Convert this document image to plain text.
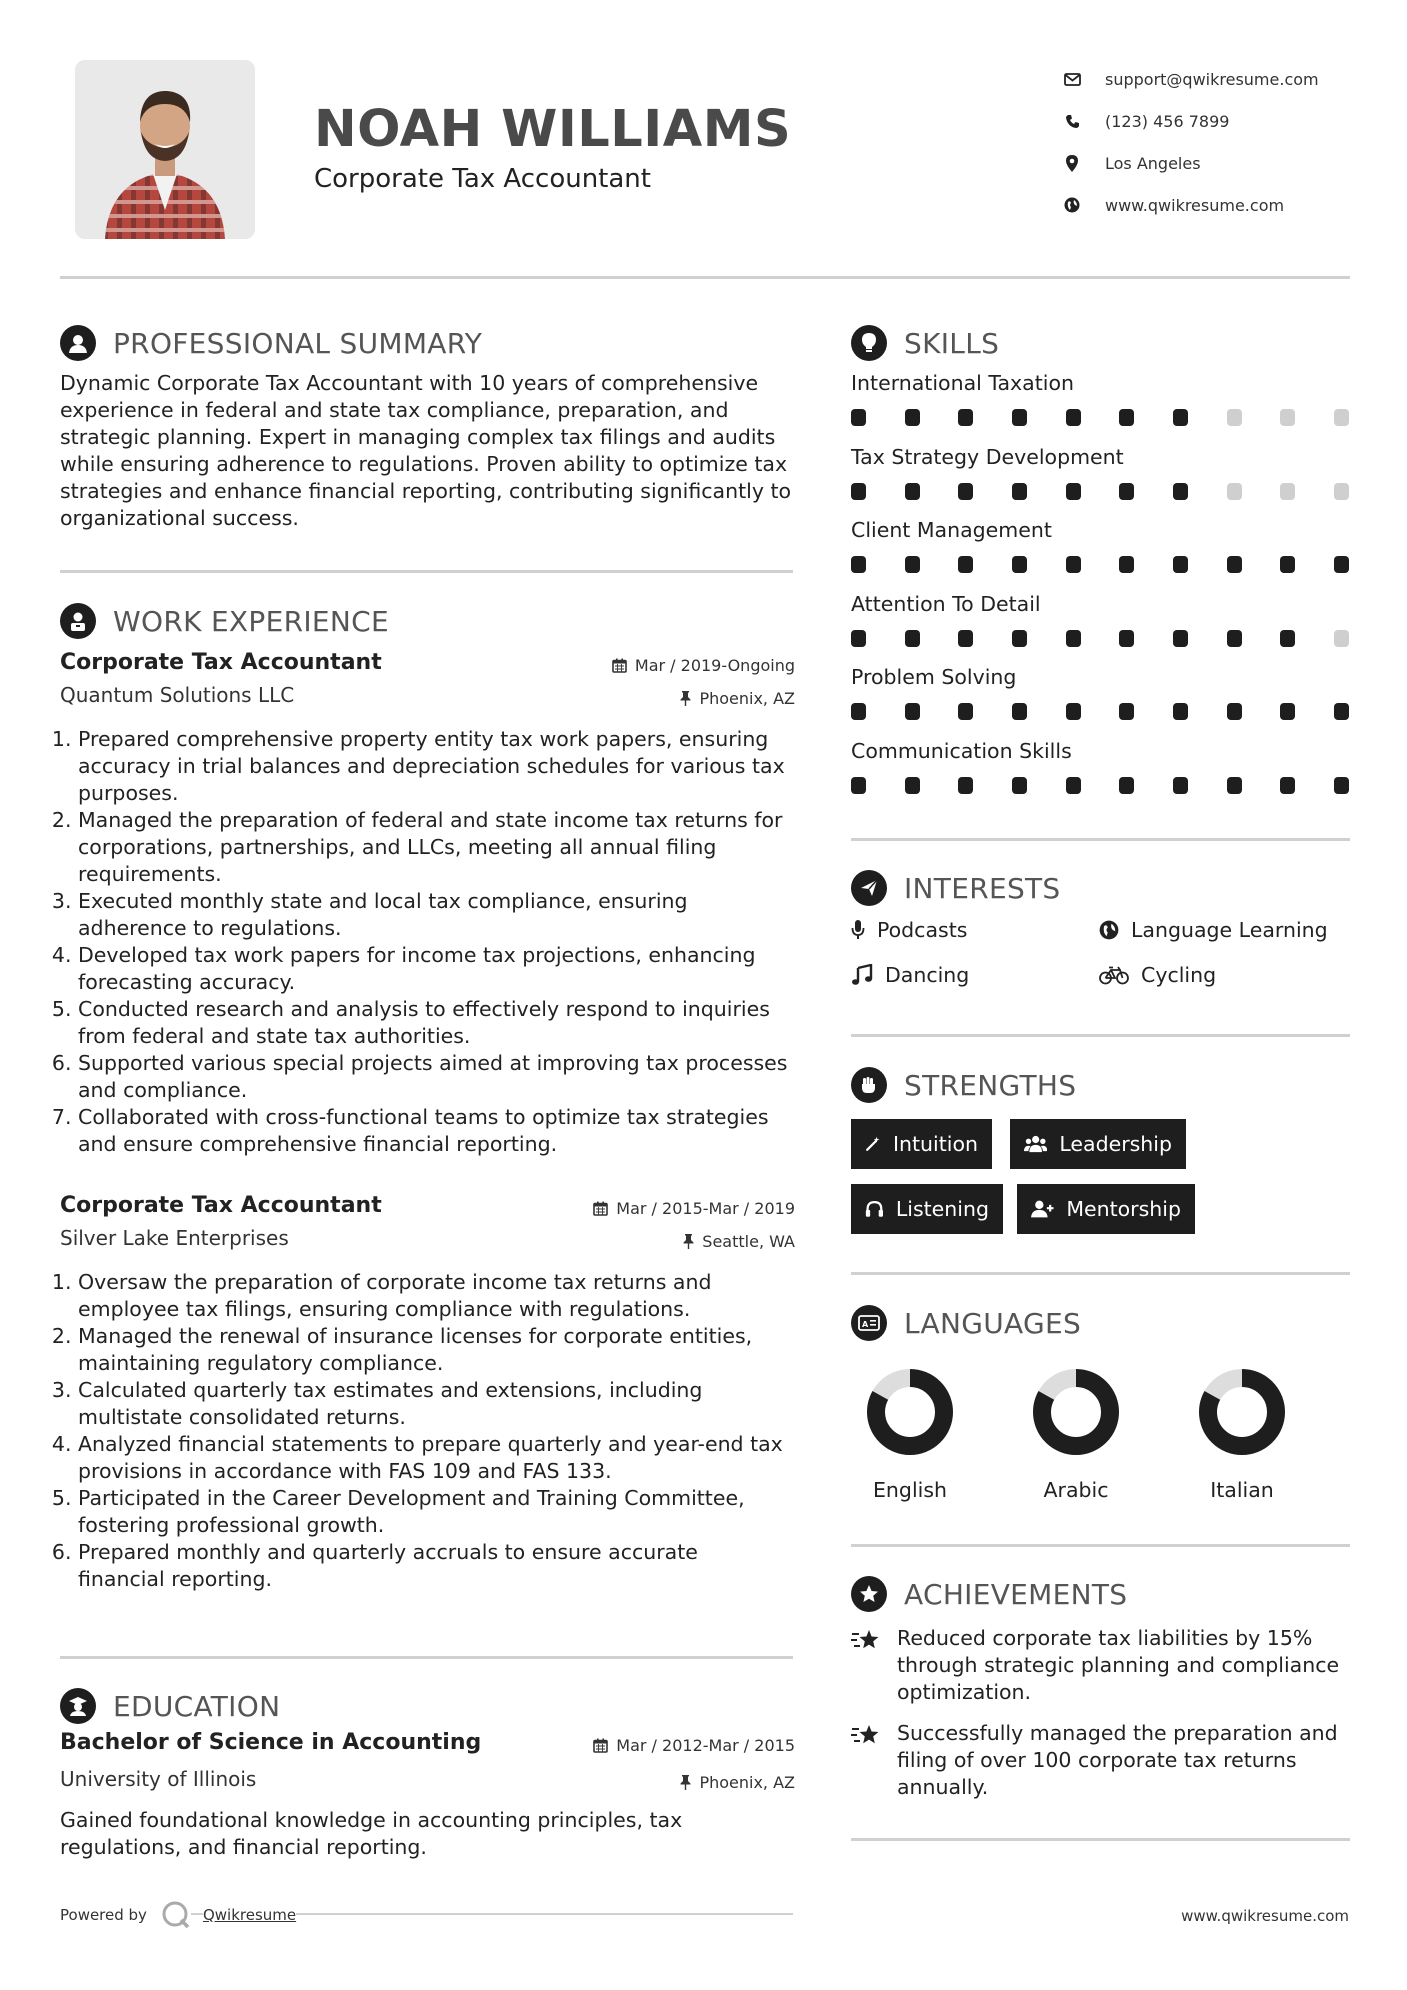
NOAH WILLIAMS
Corporate Tax Accountant
support@qwikresume.com
(123) 456 7899
Los Angeles
www.qwikresume.com
PROFESSIONAL SUMMARY
Dynamic Corporate Tax Accountant with 10 years of comprehensive
experience in federal and state tax compliance, preparation, and
strategic planning. Expert in managing complex tax filings and audits
while ensuring adherence to regulations. Proven ability to optimize tax
strategies and enhance financial reporting, contributing significantly to
organizational success.
WORK EXPERIENCE
Corporate Tax Accountant	Mar / 2019-Ongoing
Quantum Solutions LLC	Phoenix, AZ
1. Prepared comprehensive property entity tax work papers, ensuring
accuracy in trial balances and depreciation schedules for various tax
purposes.
2. Managed the preparation of federal and state income tax returns for
corporations, partnerships, and LLCs, meeting all annual filing
requirements.
3. Executed monthly state and local tax compliance, ensuring
adherence to regulations.
4. Developed tax work papers for income tax projections, enhancing
forecasting accuracy.
5. Conducted research and analysis to effectively respond to inquiries
from federal and state tax authorities.
6. Supported various special projects aimed at improving tax processes
and compliance.
7. Collaborated with cross-functional teams to optimize tax strategies
and ensure comprehensive financial reporting.
Corporate Tax Accountant	Mar / 2015-Mar / 2019
Silver Lake Enterprises	Seattle, WA
1. Oversaw the preparation of corporate income tax returns and
employee tax filings, ensuring compliance with regulations.
2. Managed the renewal of insurance licenses for corporate entities,
maintaining regulatory compliance.
3. Calculated quarterly tax estimates and extensions, including
multistate consolidated returns.
4. Analyzed financial statements to prepare quarterly and year-end tax
provisions in accordance with FAS 109 and FAS 133.
5. Participated in the Career Development and Training Committee,
fostering professional growth.
6. Prepared monthly and quarterly accruals to ensure accurate
financial reporting.
EDUCATION
Bachelor of Science in Accounting	Mar / 2012-Mar / 2015
University of Illinois	Phoenix, AZ
Gained foundational knowledge in accounting principles, tax
regulations, and financial reporting.
SKILLS
International Taxation
Tax Strategy Development
Client Management
Attention To Detail
Problem Solving
Communication Skills
INTERESTS
Podcasts	Language Learning
Dancing	Cycling
STRENGTHS
Intuition	Leadership
Listening	Mentorship
A LANGUAGES
English	Arabic	Italian
ACHIEVEMENTS
Reduced corporate tax liabilities by 15%
through strategic planning and compliance
optimization.
Successfully managed the preparation and
filing of over 100 corporate tax returns
annually.
Powered by	Qwikresume	www.qwikresume.com
